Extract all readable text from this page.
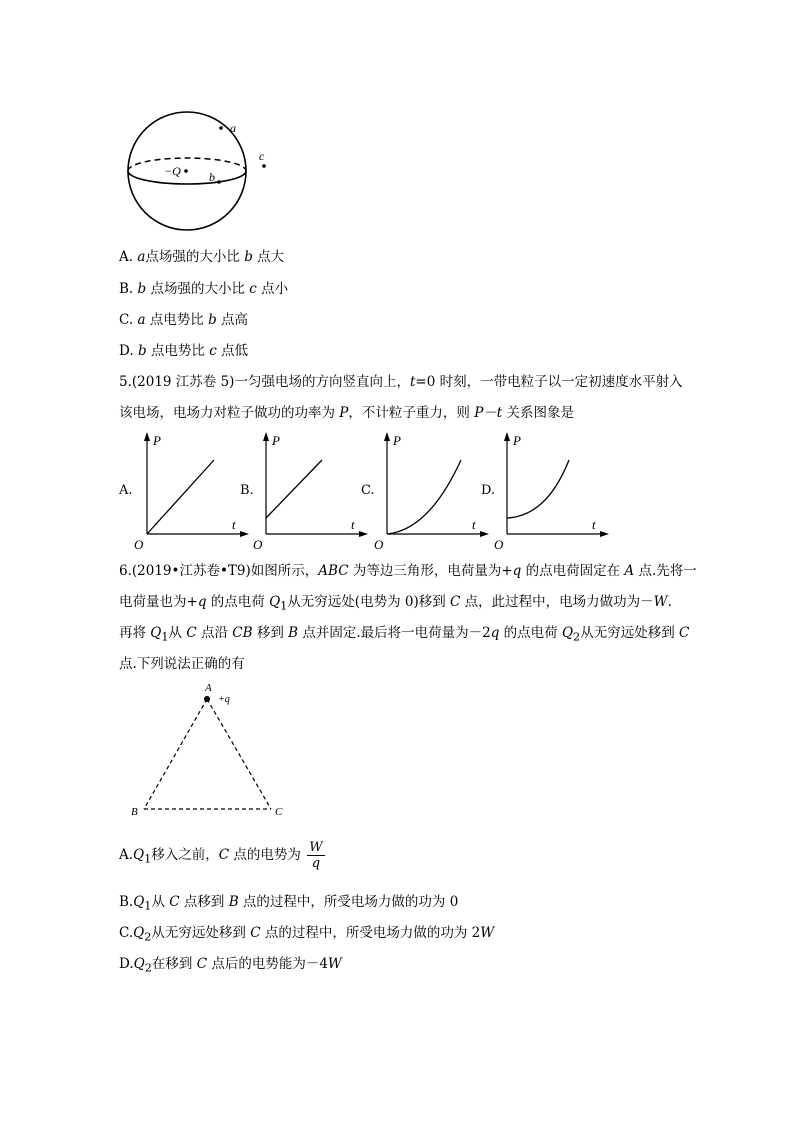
a
c
−Q b
A. a点场强的大小比 b 点大
B. b 点场强的大小比 c 点小
C. a 点电势比 b 点高
D. b 点电势比 c 点低
5.(2019 江苏卷 5)一匀强电场的方向竖直向上，t=0 时刻，一带电粒子以一定初速度水平射入
该电场，电场力对粒子做功的功率为 P，不计粒子重力，则 P－t 关系图象是
A.
P
t
O
B.
P
t
O
C.
P
t
O
D.
P
t
O
6.(2019•江苏卷•T9)如图所示，ABC 为等边三角形，电荷量为+q 的点电荷固定在 A 点.先将一
电荷量也为+q 的点电荷 $Q_1$从无穷远处(电势为 0)移到 C 点，此过程中，电场力做功为－W.
再将 $Q_1$从 C 点沿 CB 移到 B 点并固定.最后将一电荷量为－2q 的点电荷 $Q_2$从无穷远处移到 C
点.下列说法正确的有
A
+q
B	C
$A.Q_1$移入之前，C 点的电势为 $\frac{W}{q}$
$B.Q_1$从 C 点移到 B 点的过程中，所受电场力做的功为 0
$C.Q_2$从无穷远处移到 C 点的过程中，所受电场力做的功为 2W
$D.Q_2$在移到 C 点后的电势能为－4W
